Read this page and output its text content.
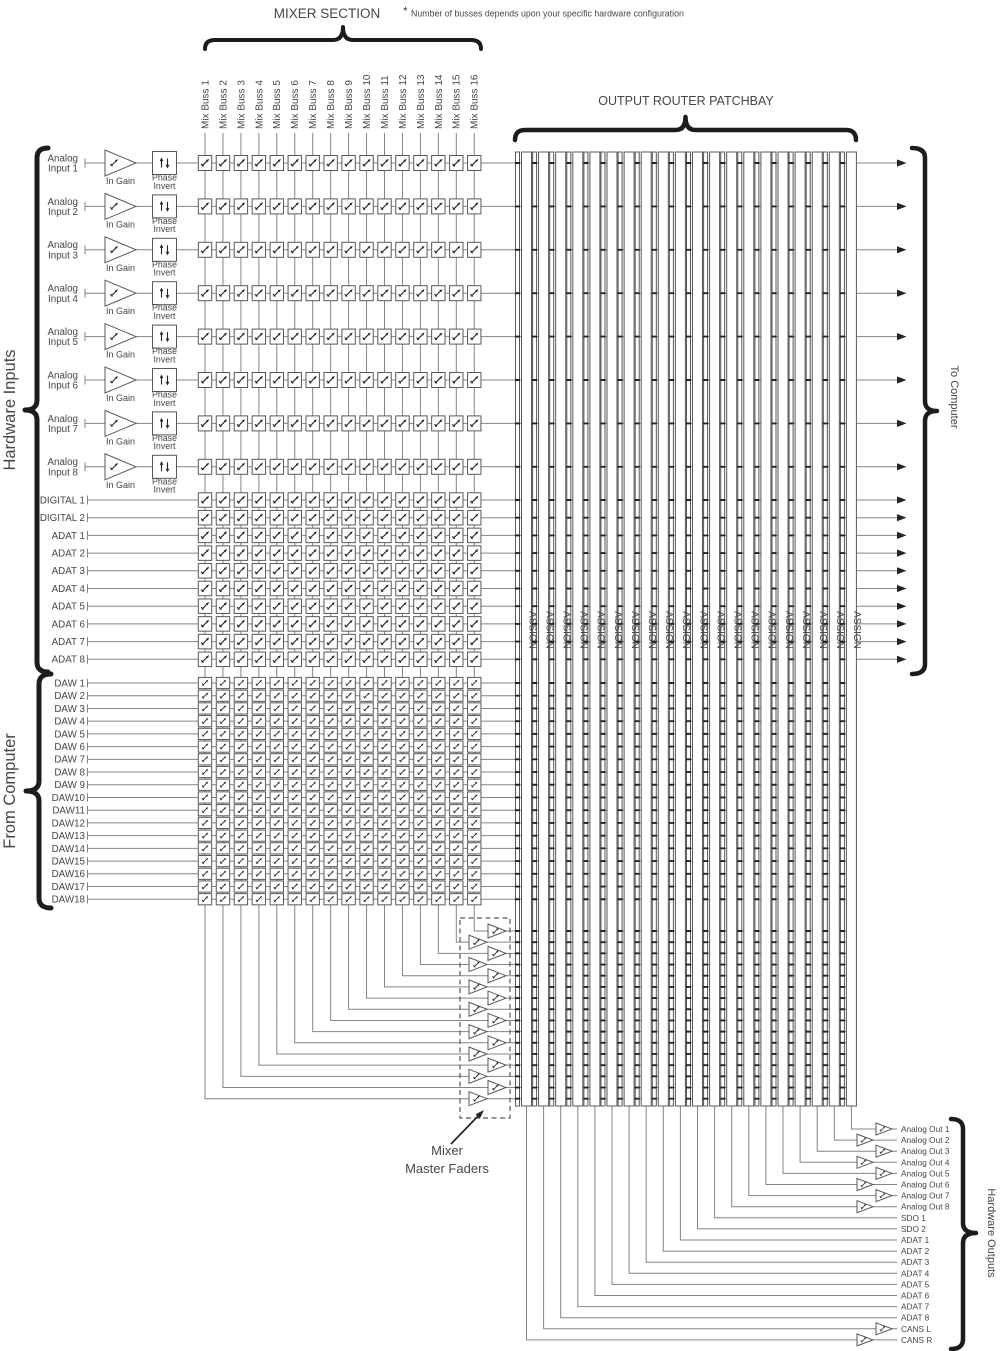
In Gain Phase
Invert
Analog
Input 1
In Gain Phase
Invert
Analog
Input 2
In Gain Phase
Invert
Analog
Input 3
In Gain Phase
Invert
Analog
Input 4
In Gain Phase
Invert
Analog
Input 5
In Gain Phase
Invert
Analog
Input 6
In Gain Phase
Invert
Analog
Input 7
In Gain Phase
Invert
Analog
Input 8
DIGITAL 1
DIGITAL 2
ADAT 1
ADAT 2
ADAT 3
ADAT 4
ADAT 5
ADAT 6
ADAT 7
ADAT 8
DAW 1
DAW 2
DAW 3
DAW 4
DAW 5
DAW 6
DAW 7
DAW 8
DAW 9
DAW10
DAW11
DAW12
DAW13
DAW14
DAW15
DAW16
DAW17
DAW18
ASSIGN ASSIGN ASSIGN ASSIGN ASSIGN ASSIGN ASSIGN ASSIGN ASSIGN ASSIGN ASSIGN ASSIGN ASSIGN ASSIGN ASSIGN ASSIGN ASSIGN ASSIGN ASSIGN ASSIGN
Analog Out 1
Analog Out 2
Analog Out 3
Analog Out 4
Analog Out 5
Analog Out 6
Analog Out 7
Analog Out 8
SDO 1
SDO 2
ADAT 1
ADAT 2
ADAT 3
ADAT 4
ADAT 5
ADAT 6
ADAT 7
ADAT 8
CANS L
CANS R
Mixer
Master Faders
Mix Buss 1 Mix Buss 2 Mix Buss 3 Mix Buss 4 Mix Buss 5 Mix Buss 6 Mix Buss 7 Mix Buss 8 Mix Buss 9 Mix Buss 10 Mix Buss 11 Mix Buss 12 Mix Buss 13 Mix Buss 14 Mix Buss 15 Mix Buss 16
MIXER SECTION * Number of busses depends upon your specific hardware configuration
OUTPUT ROUTER PATCHBAY
Hardware Inputs
From Computer
To Computer
Hardware Outputs
